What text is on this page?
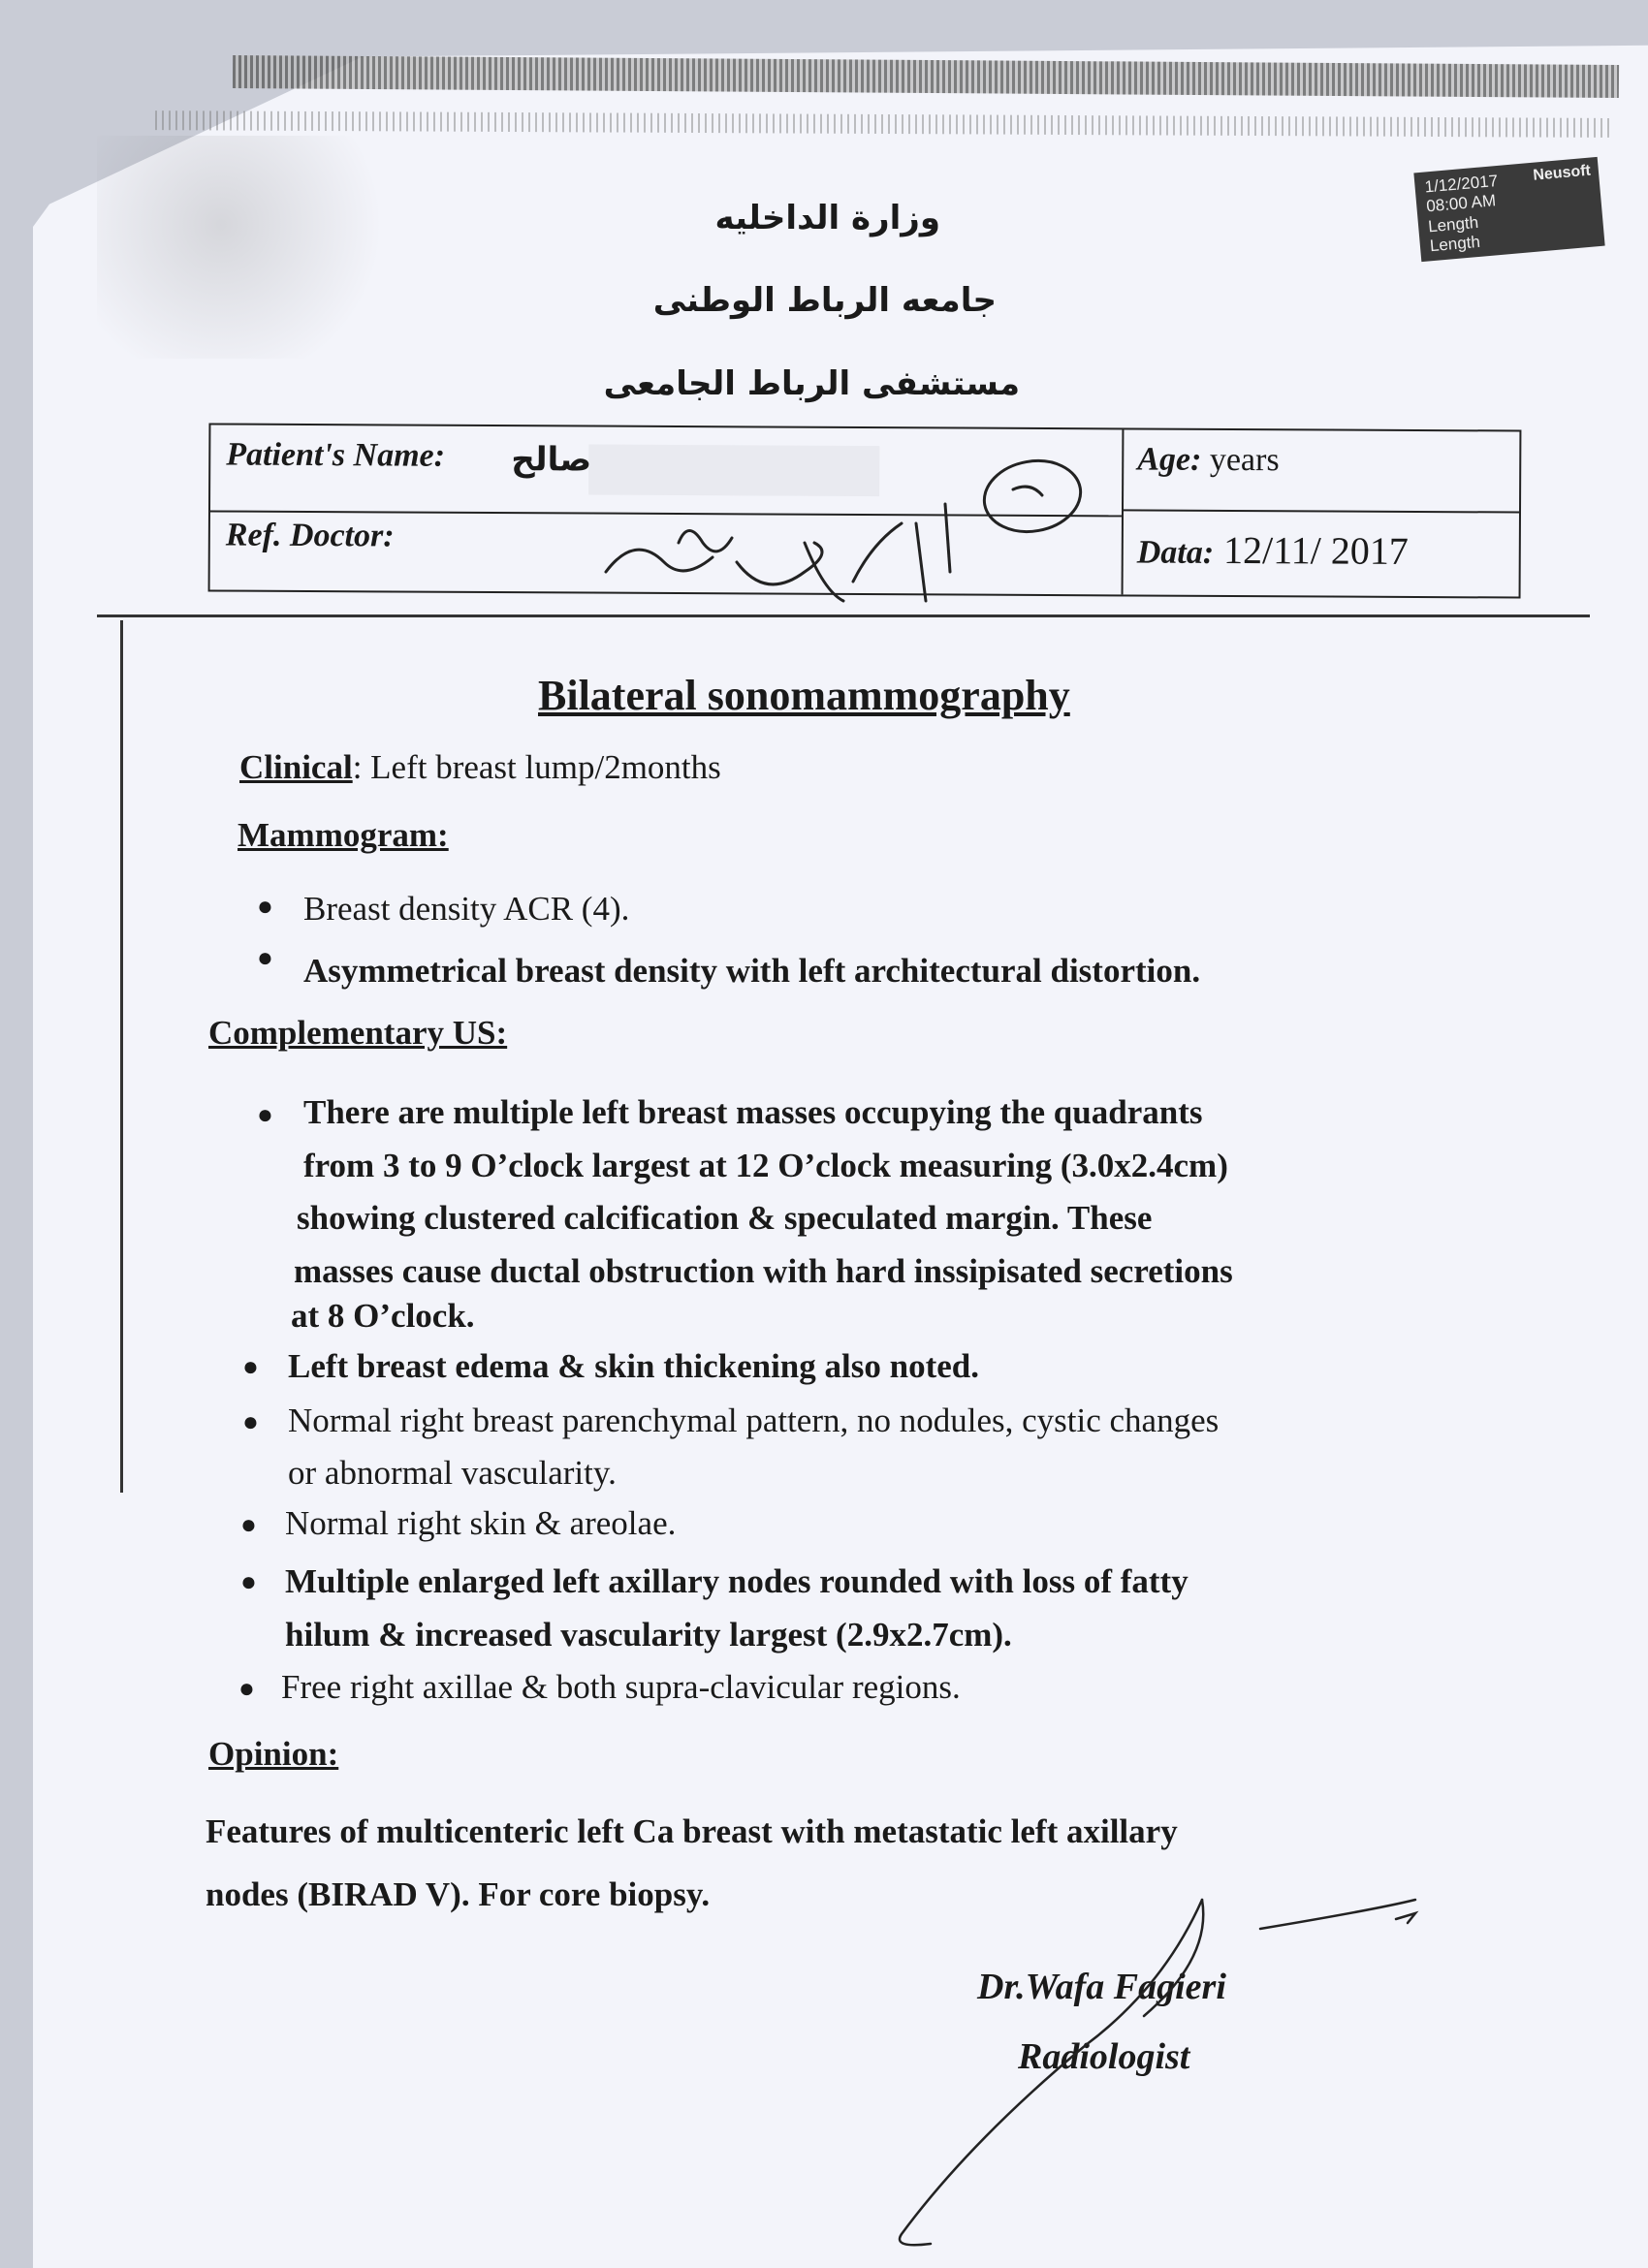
Neusoft
1/12/2017
08:00 AM
Length
Length
وزارة الداخليه
جامعه الرباط الوطنى
مستشفى الرباط الجامعى
Patient's Name: صالح
Ref. Doctor:
Age: years
Data: 12/11/ 2017
Bilateral sonomammography
Clinical: Left breast lump/2months
Mammogram:
● Breast density ACR (4).
● Asymmetrical breast density with left architectural distortion.
Complementary US:
● There are multiple left breast masses occupying the quadrants
from 3 to 9 O’clock largest at 12 O’clock measuring (3.0x2.4cm)
showing clustered calcification & speculated margin. These
masses cause ductal obstruction with hard inssipisated secretions
at 8 O’clock.
● Left breast edema & skin thickening also noted.
● Normal right breast parenchymal pattern, no nodules, cystic changes
or abnormal vascularity.
● Normal right skin & areolae.
● Multiple enlarged left axillary nodes rounded with loss of fatty
hilum & increased vascularity largest (2.9x2.7cm).
● Free right axillae & both supra-clavicular regions.
Opinion:
Features of multicenteric left Ca breast with metastatic left axillary
nodes (BIRAD V). For core biopsy.
Dr.Wafa Fagieri
Radiologist
